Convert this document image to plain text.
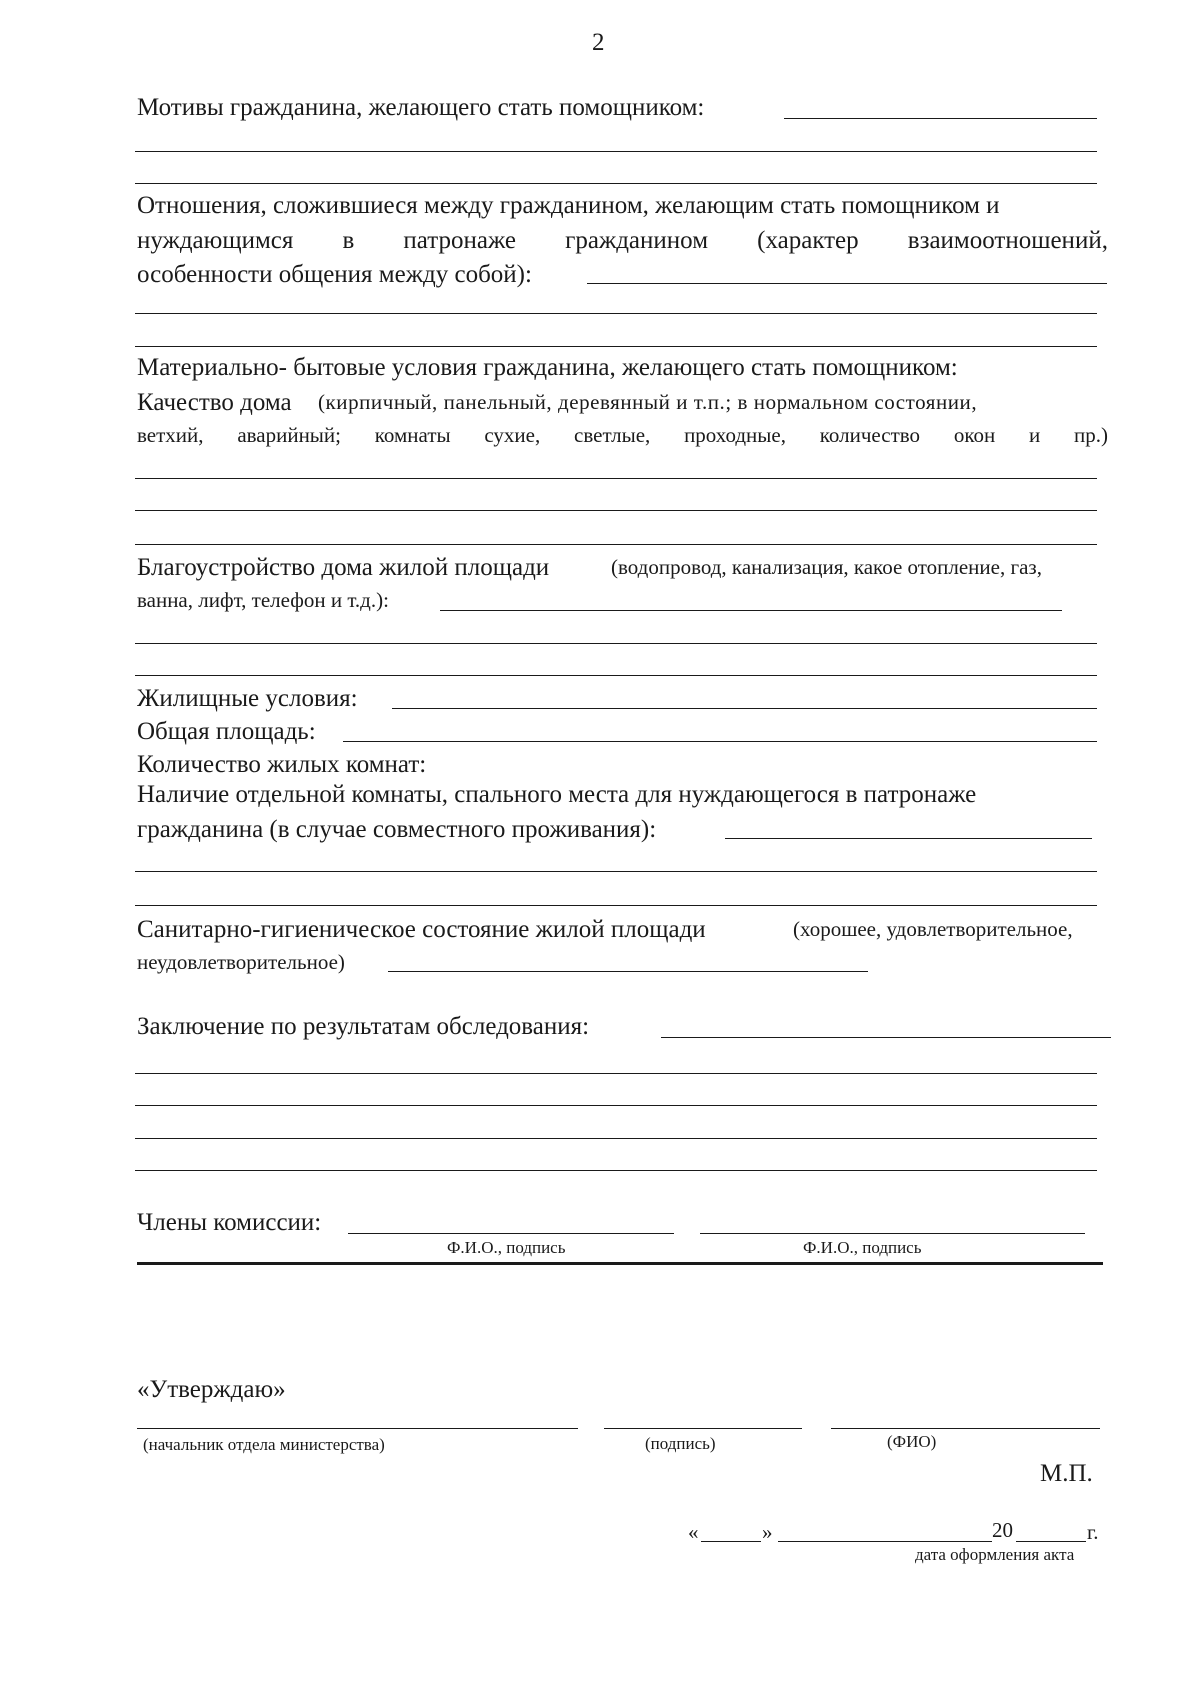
2
Мотивы гражданина, желающего стать помощником:
Отношения, сложившиеся между гражданином, желающим стать помощником и
нуждающимся в патронаже гражданином (характер взаимоотношений,
особенности общения между собой):
Материально- бытовые условия гражданина, желающего стать помощником:
Качество дома (кирпичный, панельный, деревянный и т.п.; в нормальном состоянии,
ветхий, аварийный; комнаты сухие, светлые, проходные, количество окон и пр.)
Благоустройство дома жилой площади	(водопровод, канализация, какое отопление, газ,
ванна, лифт, телефон и т.д.):
Жилищные условия:
Общая площадь:
Количество жилых комнат:
Наличие отдельной комнаты, спального места для нуждающегося в патронаже
гражданина (в случае совместного проживания):
Санитарно-гигиеническое состояние жилой площади	(хорошее, удовлетворительное,
неудовлетворительное)
Заключение по результатам обследования:
Члены комиссии:
Ф.И.О., подпись	Ф.И.О., подпись
«Утверждаю»
(начальник отдела министерства)	(подпись)	(ФИО)
М.П.
«	»	20	г.
дата оформления акта
